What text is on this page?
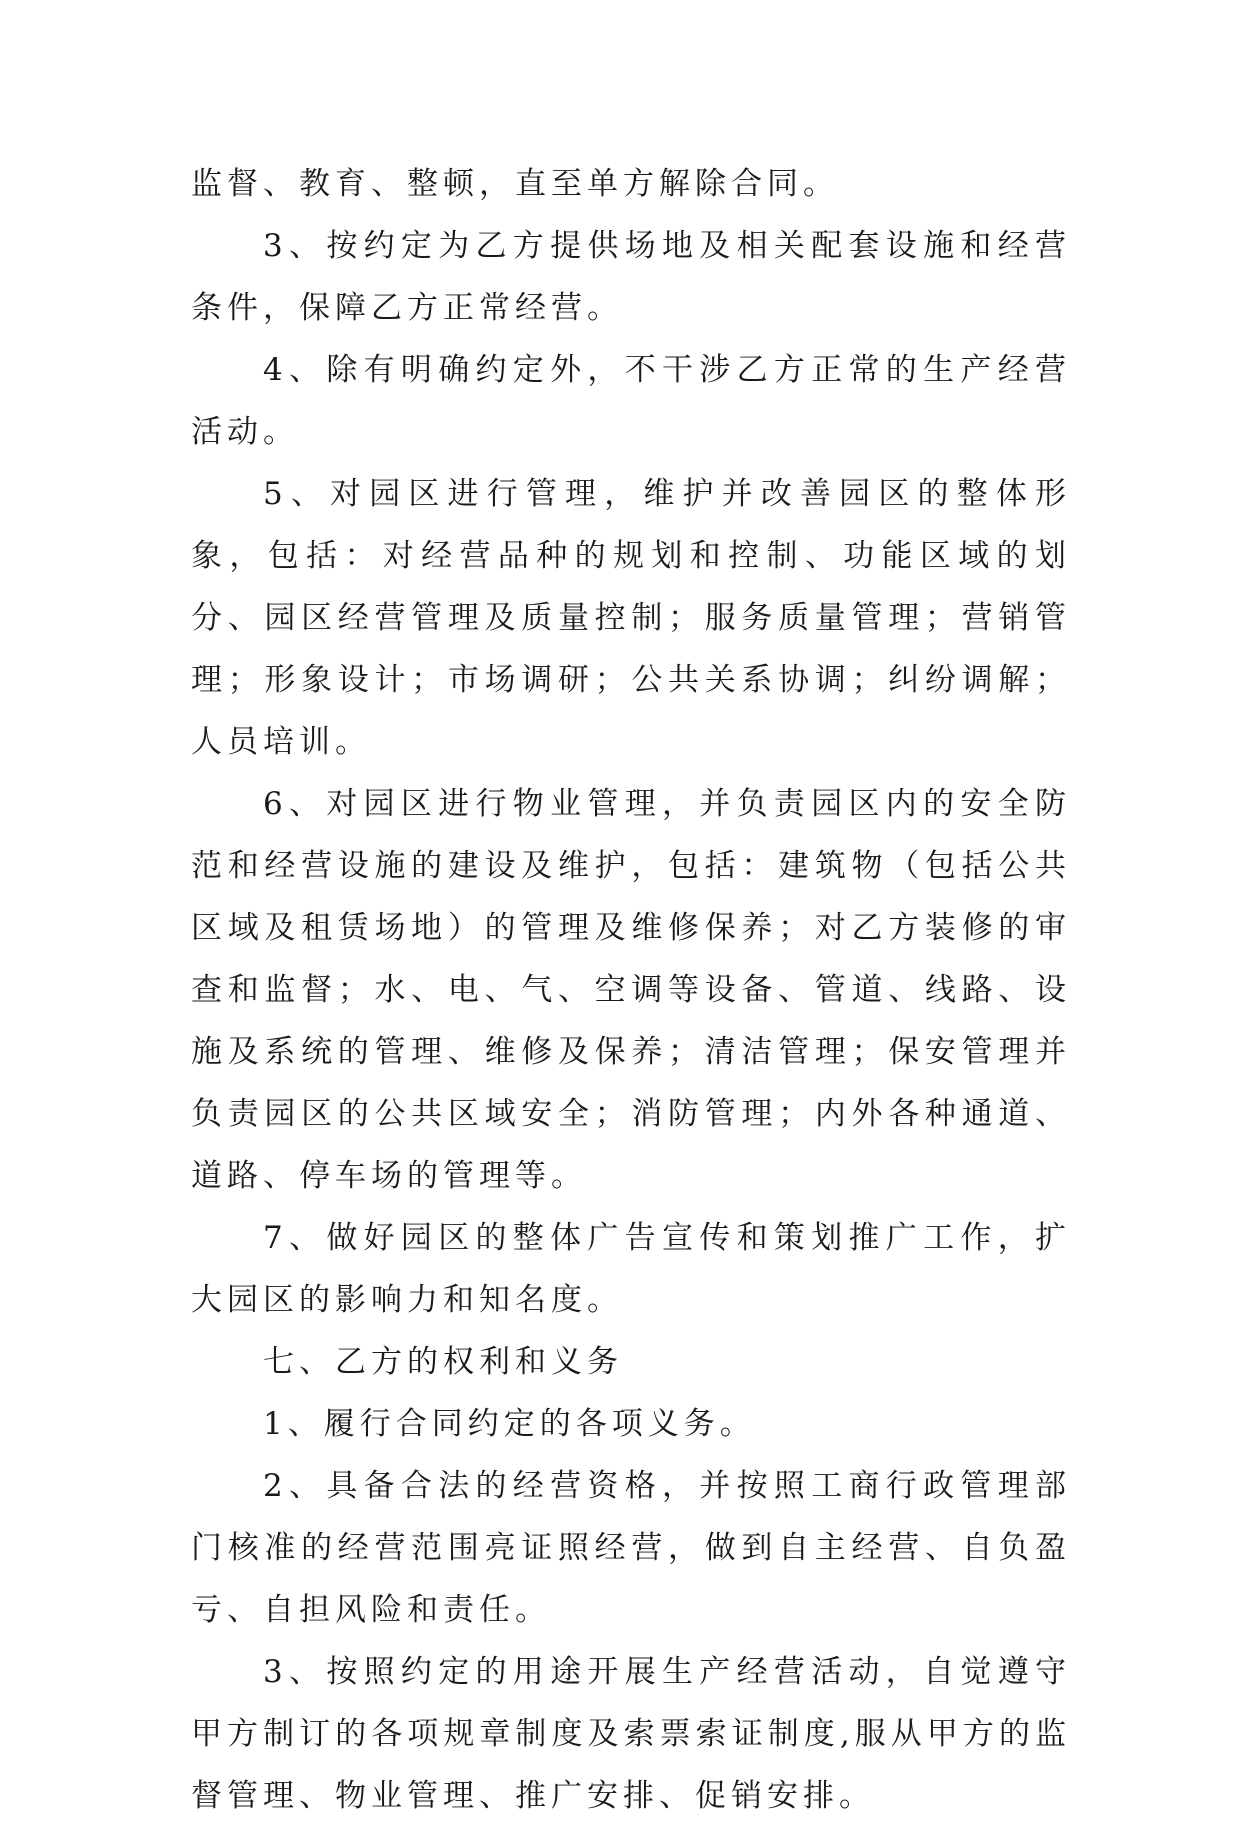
监督、教育、整顿，直至单方解除合同。

3、按约定为乙方提供场地及相关配套设施和经营条件，保障乙方正常经营。

4、除有明确约定外，不干涉乙方正常的生产经营活动。

5、对园区进行管理，维护并改善园区的整体形象，包括：对经营品种的规划和控制、功能区域的划分、园区经营管理及质量控制；服务质量管理；营销管理；形象设计；市场调研；公共关系协调；纠纷调解；人员培训。

6、对园区进行物业管理，并负责园区内的安全防范和经营设施的建设及维护，包括：建筑物（包括公共区域及租赁场地）的管理及维修保养；对乙方装修的审查和监督；水、电、气、空调等设备、管道、线路、设施及系统的管理、维修及保养；清洁管理；保安管理并负责园区的公共区域安全；消防管理；内外各种通道、道路、停车场的管理等。

7、做好园区的整体广告宣传和策划推广工作，扩大园区的影响力和知名度。

七、乙方的权利和义务

1、履行合同约定的各项义务。

2、具备合法的经营资格，并按照工商行政管理部门核准的经营范围亮证照经营，做到自主经营、自负盈亏、自担风险和责任。

3、按照约定的用途开展生产经营活动，自觉遵守甲方制订的各项规章制度及索票索证制度,服从甲方的监督管理、物业管理、推广安排、促销安排。
